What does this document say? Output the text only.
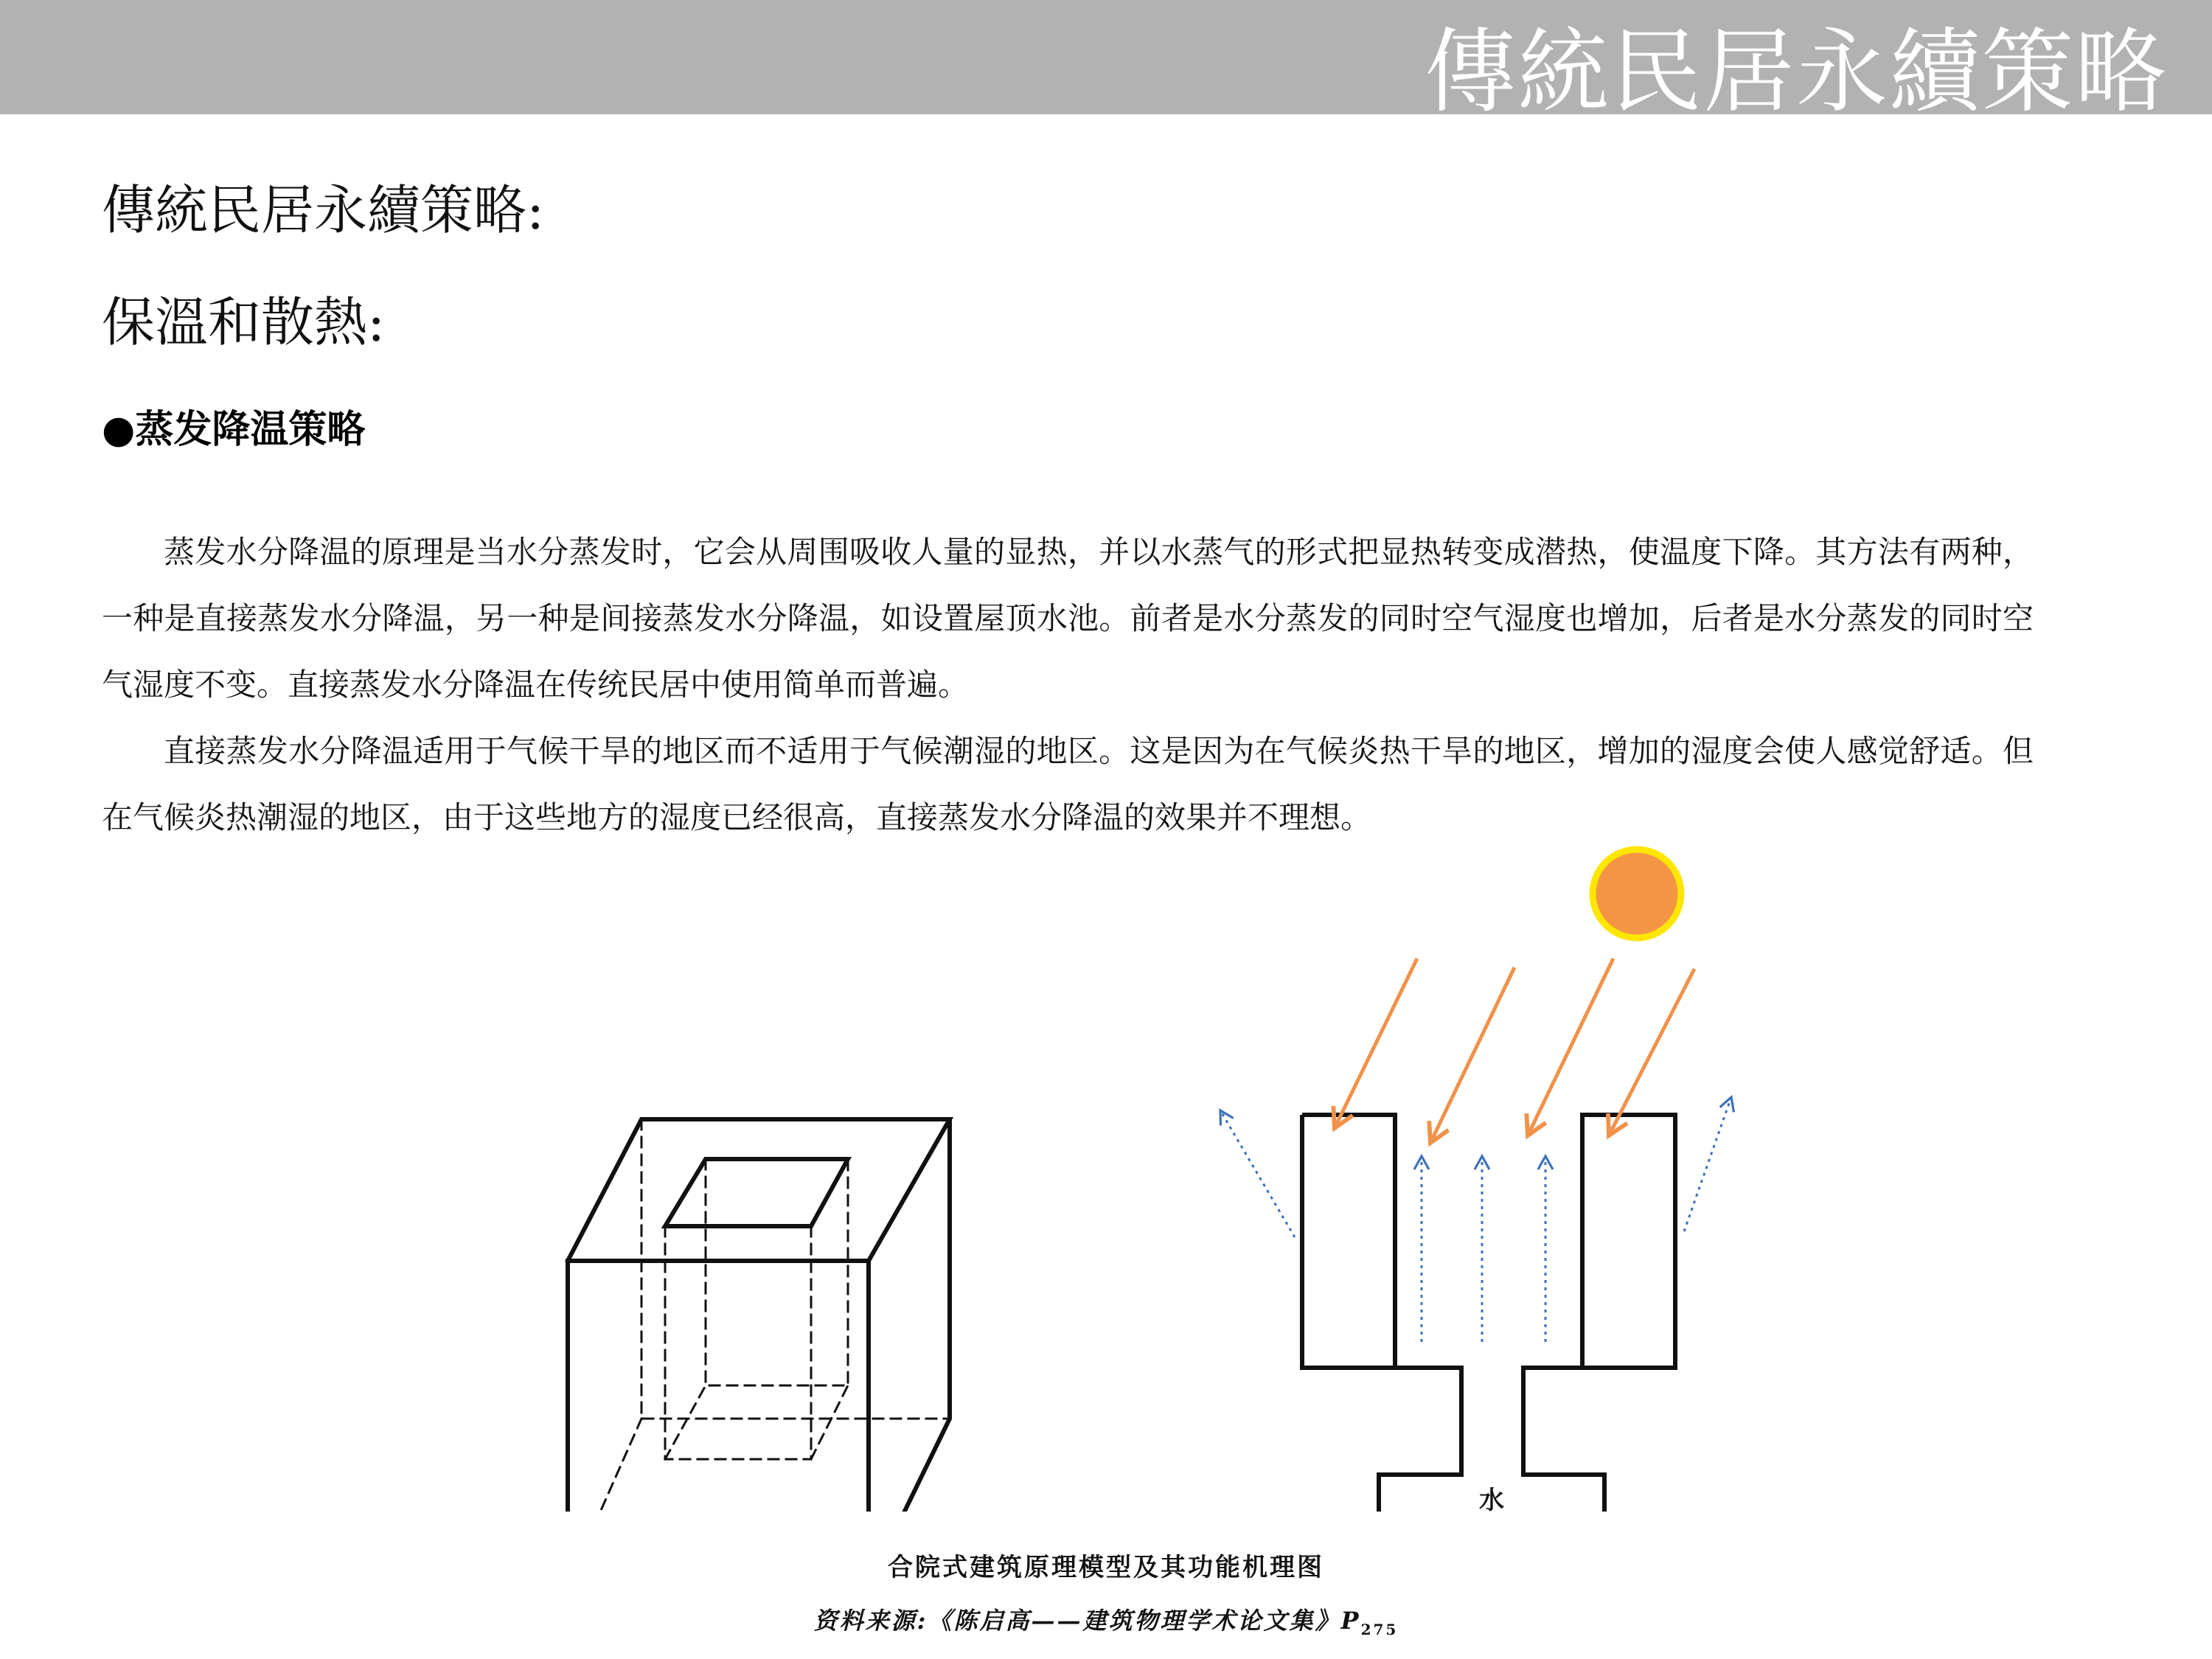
傳統民居永續策略
傳統民居永續策略:
保溫和散熱:
●蒸发降温策略

蒸发水分降温的原理是当水分蒸发时，它会从周围吸收人量的显热，并以水蒸气的形式把显热转变成潜热，使温度下降。其方法有两种，一种是直接蒸发水分降温，另一种是间接蒸发水分降温，如设置屋顶水池。前者是水分蒸发的同时空气湿度也增加，后者是水分蒸发的同时空气湿度不变。直接蒸发水分降温在传统民居中使用简单而普遍。

直接蒸发水分降温适用于气候干旱的地区而不适用于气候潮湿的地区。这是因为在气候炎热干旱的地区，增加的湿度会使人感觉舒适。但在气候炎热潮湿的地区，由于这些地方的湿度已经很高，直接蒸发水分降温的效果并不理想。

水
合院式建筑原理模型及其功能机理图
资料来源:《陈启高——建筑物理学术论文集》$P_{275}$
